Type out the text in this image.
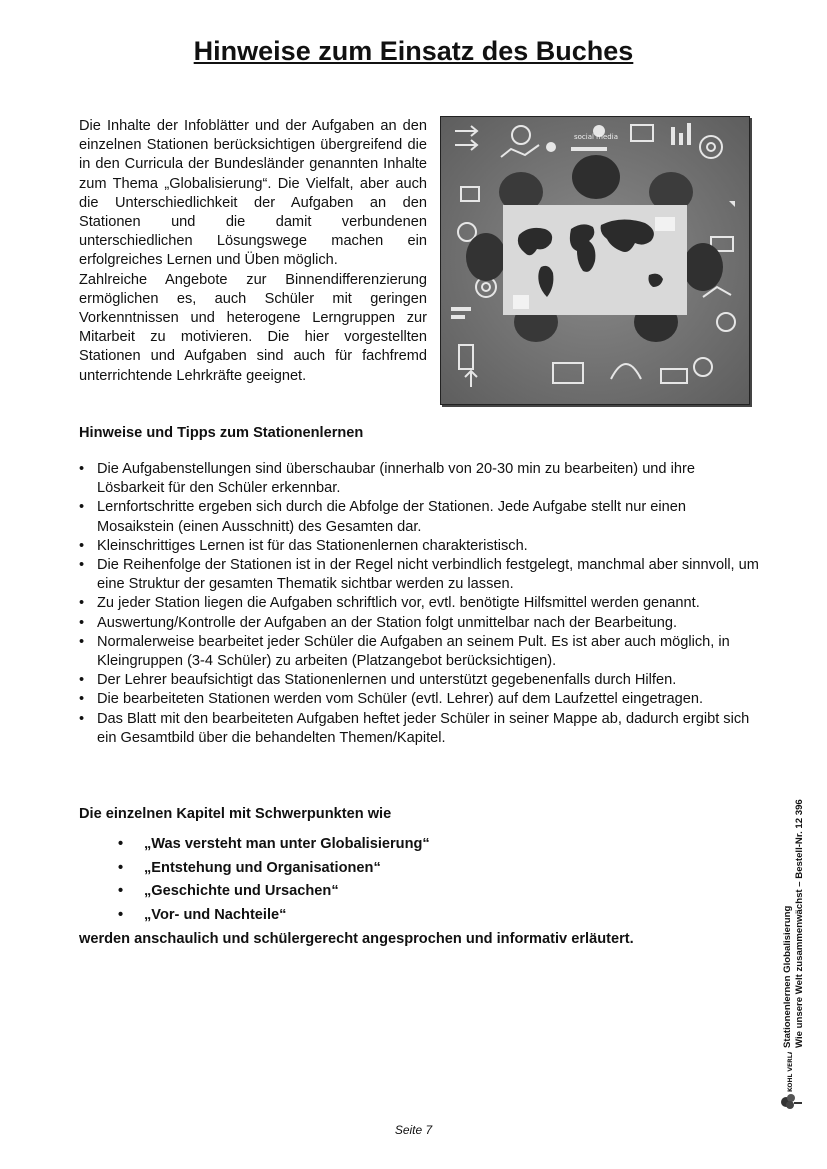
Hinweise zum Einsatz des Buches

Die Inhalte der Infoblätter und der Aufgaben an den einzelnen Stationen berücksichtigen übergreifend die in den Curricula der Bundesländer genannten Inhalte zum Thema „Globalisierung“. Die Vielfalt, aber auch die Unterschiedlichkeit der Aufgaben an den Stationen und die damit verbundenen unterschiedlichen Lösungswege machen ein erfolgreiches Lernen und Üben möglich.

Zahlreiche Angebote zur Binnendifferenzierung ermöglichen es, auch Schüler mit geringen Vorkenntnissen und heterogene Lerngruppen zur Mitarbeit zu motivieren. Die hier vorgestellten Stationen und Aufgaben sind auch für fachfremd unterrichtende Lehrkräfte geeignet.

social media
Hinweise und Tipps zum Stationenlernen
• Die Aufgabenstellungen sind überschaubar (innerhalb von 20-30 min zu bearbeiten) und ihre Lösbarkeit für den Schüler erkennbar.
• Lernfortschritte ergeben sich durch die Abfolge der Stationen. Jede Aufgabe stellt nur einen Mosaikstein (einen Ausschnitt) des Gesamten dar.
• Kleinschrittiges Lernen ist für das Stationenlernen charakteristisch.
• Die Reihenfolge der Stationen ist in der Regel nicht verbindlich festgelegt, manchmal aber sinnvoll, um eine Struktur der gesamten Thematik sichtbar werden zu lassen.
• Zu jeder Station liegen die Aufgaben schriftlich vor, evtl. benötigte Hilfsmittel werden genannt.
• Auswertung/Kontrolle der Aufgaben an der Station folgt unmittelbar nach der Bearbeitung.
• Normalerweise bearbeitet jeder Schüler die Aufgaben an seinem Pult. Es ist aber auch möglich, in Kleingruppen (3-4 Schüler) zu arbeiten (Platzangebot berücksichtigen).
• Der Lehrer beaufsichtigt das Stationenlernen und unterstützt gegebenenfalls durch Hilfen.
• Die bearbeiteten Stationen werden vom Schüler (evtl. Lehrer) auf dem Laufzettel eingetragen.
• Das Blatt mit den bearbeiteten Aufgaben heftet jeder Schüler in seiner Mappe ab, dadurch ergibt sich ein Gesamtbild über die behandelten Themen/Kapitel.
Die einzelnen Kapitel mit Schwerpunkten wie
• „Was versteht man unter Globalisierung“
• „Entstehung und Organisationen“
• „Geschichte und Ursachen“
• „Vor- und Nachteile“

werden anschaulich und schülergerecht angesprochen und informativ erläutert.	Stationenlernen Globalisierung Wie unsere Welt zusammenwächst – Bestell-Nr. 12 396
KOHL VERLAG
Seite 7
